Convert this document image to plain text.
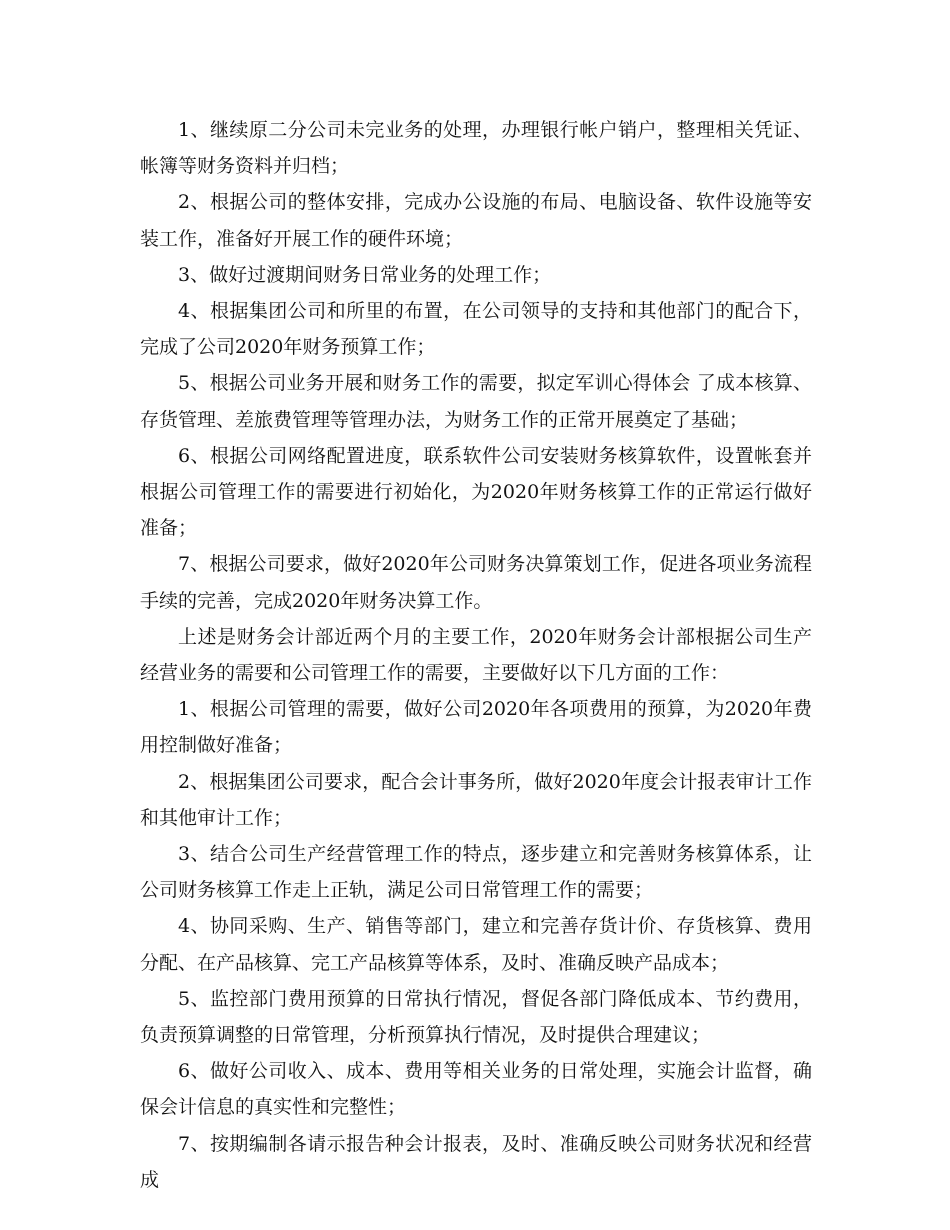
1、继续原二分公司未完业务的处理，办理银行帐户销户，整理相关凭证、帐簿等财务资料并归档；

2、根据公司的整体安排，完成办公设施的布局、电脑设备、软件设施等安装工作，准备好开展工作的硬件环境；

3、做好过渡期间财务日常业务的处理工作；

4、根据集团公司和所里的布置，在公司领导的支持和其他部门的配合下，完成了公司2020年财务预算工作；

5、根据公司业务开展和财务工作的需要，拟定军训心得体会 了成本核算、存货管理、差旅费管理等管理办法，为财务工作的正常开展奠定了基础；

6、根据公司网络配置进度，联系软件公司安装财务核算软件，设置帐套并根据公司管理工作的需要进行初始化，为2020年财务核算工作的正常运行做好准备；

7、根据公司要求，做好2020年公司财务决算策划工作，促进各项业务流程手续的完善，完成2020年财务决算工作。

上述是财务会计部近两个月的主要工作，2020年财务会计部根据公司生产经营业务的需要和公司管理工作的需要，主要做好以下几方面的工作：

1、根据公司管理的需要，做好公司2020年各项费用的预算，为2020年费用控制做好准备；

2、根据集团公司要求，配合会计事务所，做好2020年度会计报表审计工作和其他审计工作；

3、结合公司生产经营管理工作的特点，逐步建立和完善财务核算体系，让公司财务核算工作走上正轨，满足公司日常管理工作的需要；

4、协同采购、生产、销售等部门，建立和完善存货计价、存货核算、费用分配、在产品核算、完工产品核算等体系，及时、准确反映产品成本；

5、监控部门费用预算的日常执行情况，督促各部门降低成本、节约费用，负责预算调整的日常管理，分析预算执行情况，及时提供合理建议；

6、做好公司收入、成本、费用等相关业务的日常处理，实施会计监督，确保会计信息的真实性和完整性；

7、按期编制各请示报告种会计报表，及时、准确反映公司财务状况和经营成
